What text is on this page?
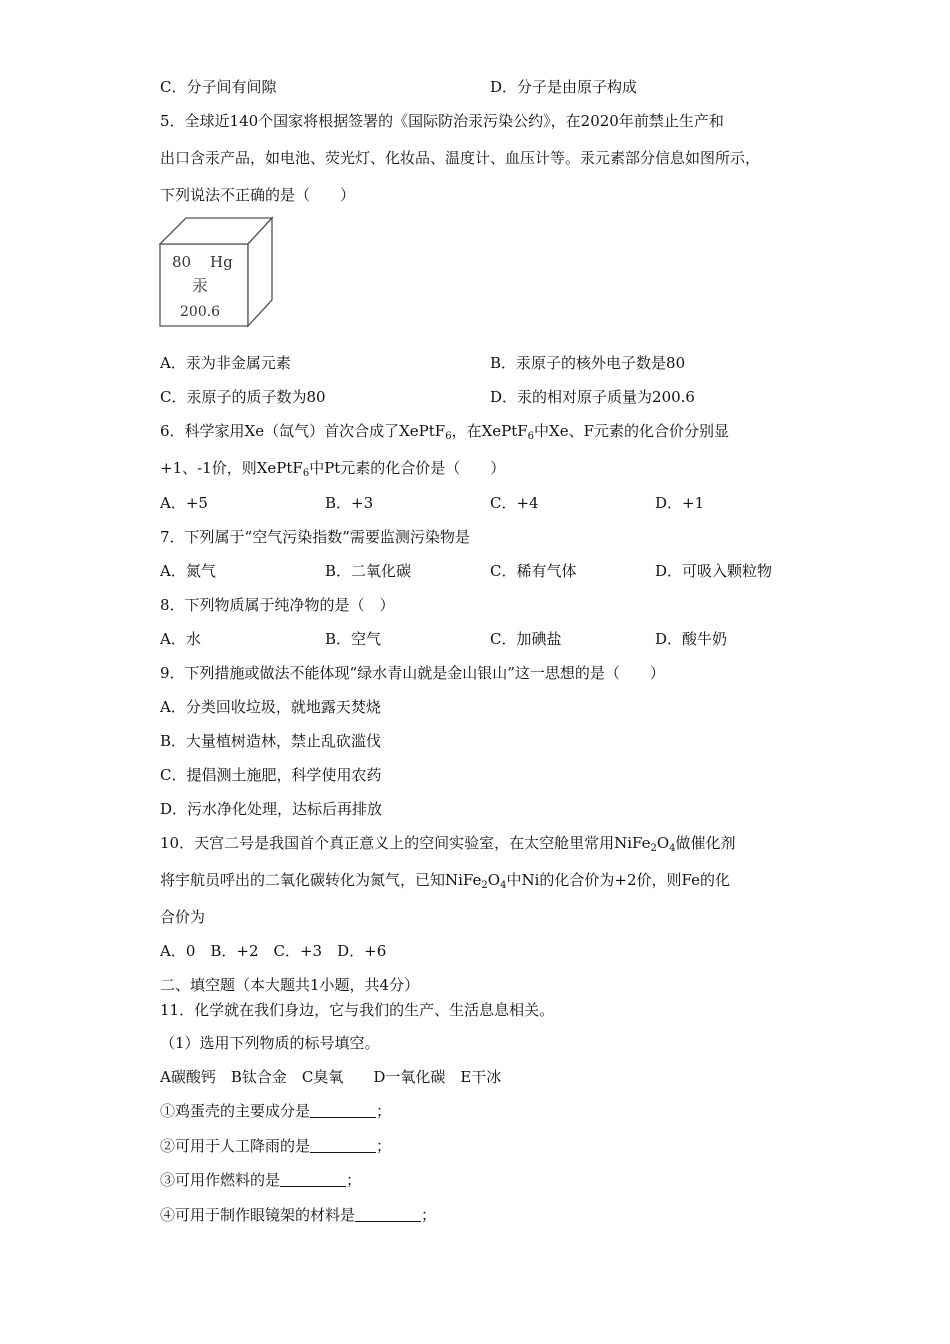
C．分子间有间隙	D．分子是由原子构成
5．全球近140个国家将根据签署的《国际防治汞污染公约》，在2020年前禁止生产和
出口含汞产品，如电池、荧光灯、化妆品、温度计、血压计等。汞元素部分信息如图所示，
下列说法不正确的是（　　）
80 Hg
汞
200.6
A．汞为非金属元素	B．汞原子的核外电子数是80
C．汞原子的质子数为80	D．汞的相对原子质量为200.6
6．科学家用Xe（氙气）首次合成了XePtF$_6$，在XePtF$_6$中Xe、F元素的化合价分别显
+1、-1价，则XePtF$_6$中Pt元素的化合价是（　　）
A．+5	B．+3	C．+4	D．+1
7．下列属于“空气污染指数”需要监测污染物是
A．氮气	B．二氧化碳	C．稀有气体	D．可吸入颗粒物
8．下列物质属于纯净物的是（　）
A．水	B．空气	C．加碘盐	D．酸牛奶
9．下列措施或做法不能体现“绿水青山就是金山银山”这一思想的是（　　）
A．分类回收垃圾，就地露天焚烧
B．大量植树造林，禁止乱砍滥伐
C．提倡测土施肥，科学使用农药
D．污水净化处理，达标后再排放
10．天宫二号是我国首个真正意义上的空间实验室，在太空舱里常用$NiFe_2O_4$做催化剂
将宇航员呼出的二氧化碳转化为氮气，已知$NiFe_2O_4$中Ni的化合价为+2价，则Fe的化
合价为
A．0　B．+2　C．+3　D．+6
二、填空题（本大题共1小题，共4分）
11．化学就在我们身边，它与我们的生产、生活息息相关。
（1）选用下列物质的标号填空。
A碳酸钙　B钛合金　C臭氧　　D一氧化碳　E干冰
①鸡蛋壳的主要成分是	；
②可用于人工降雨的是	；
③可用作燃料的是	；
④可用于制作眼镜架的材料是	；
